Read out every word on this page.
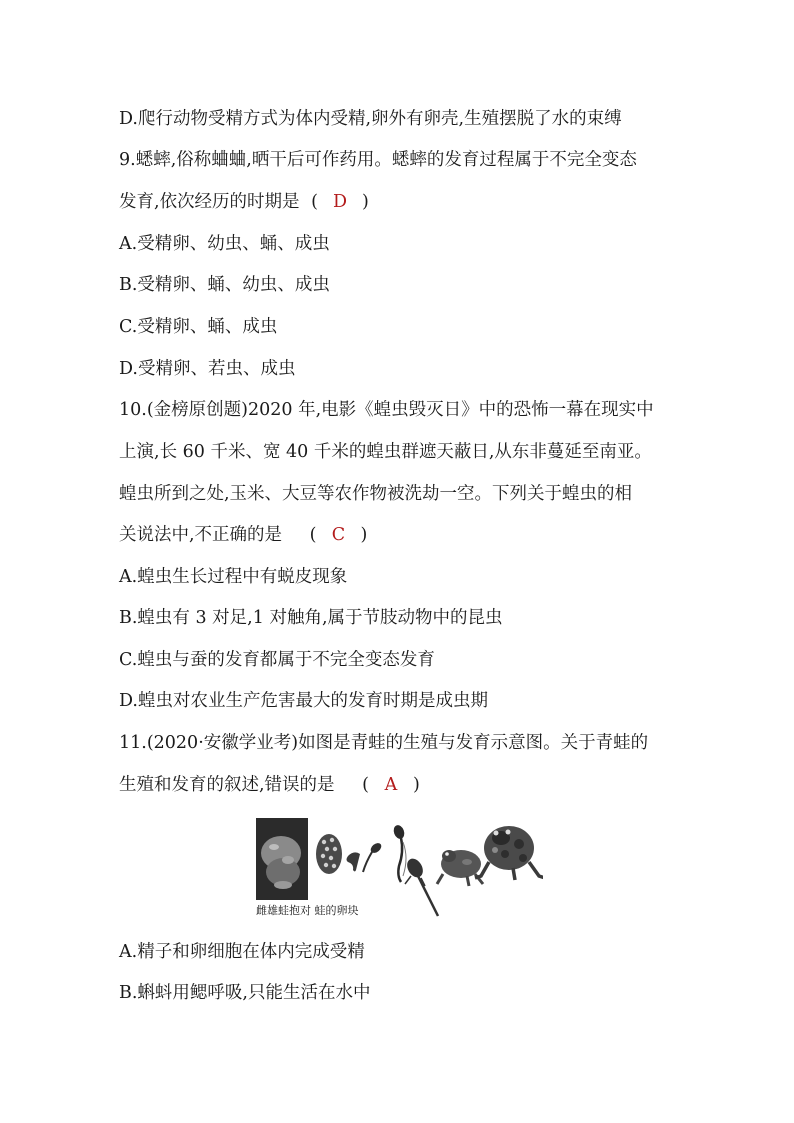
D.爬行动物受精方式为体内受精,卵外有卵壳,生殖摆脱了水的束缚
9.蟋蟀,俗称蛐蛐,晒干后可作药用。蟋蟀的发育过程属于不完全变态
发育,依次经历的时期是 ( D )
A.受精卵、幼虫、蛹、成虫
B.受精卵、蛹、幼虫、成虫
C.受精卵、蛹、成虫
D.受精卵、若虫、成虫
10.(金榜原创题)2020 年,电影《蝗虫毁灭日》中的恐怖一幕在现实中
上演,长 60 千米、宽 40 千米的蝗虫群遮天蔽日,从东非蔓延至南亚。
蝗虫所到之处,玉米、大豆等农作物被洗劫一空。下列关于蝗虫的相
关说法中,不正确的是 ( C )
A.蝗虫生长过程中有蜕皮现象
B.蝗虫有 3 对足,1 对触角,属于节肢动物中的昆虫
C.蝗虫与蚕的发育都属于不完全变态发育
D.蝗虫对农业生产危害最大的发育时期是成虫期
11.(2020·安徽学业考)如图是青蛙的生殖与发育示意图。关于青蛙的
生殖和发育的叙述,错误的是 ( A )
雌雄蛙抱对 蛙的卵块
A.精子和卵细胞在体内完成受精
B.蝌蚪用鳃呼吸,只能生活在水中
